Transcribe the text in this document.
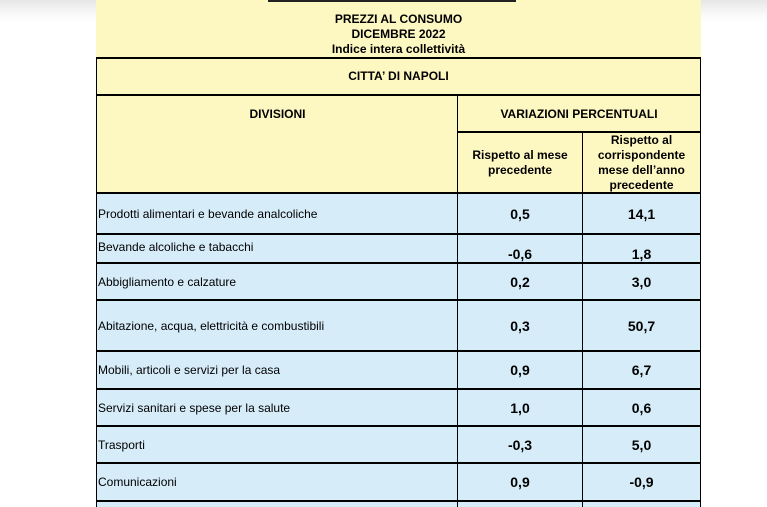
PREZZI AL CONSUMO
DICEMBRE 2022
Indice intera collettività
CITTA’ DI NAPOLI
DIVISIONI	VARIAZIONI PERCENTUALI
Rispetto al mese precedente
Rispetto al corrispondente mese dell’anno precedente
Prodotti alimentari e bevande analcoliche	0,5	14,1
Bevande alcoliche e tabacchi	-0,6	1,8
Abbigliamento e calzature	0,2	3,0
Abitazione, acqua, elettricità e combustibili	0,3	50,7
Mobili, articoli e servizi per la casa	0,9	6,7
Servizi sanitari e spese per la salute	1,0	0,6
Trasporti	-0,3	5,0
Comunicazioni	0,9	-0,9
